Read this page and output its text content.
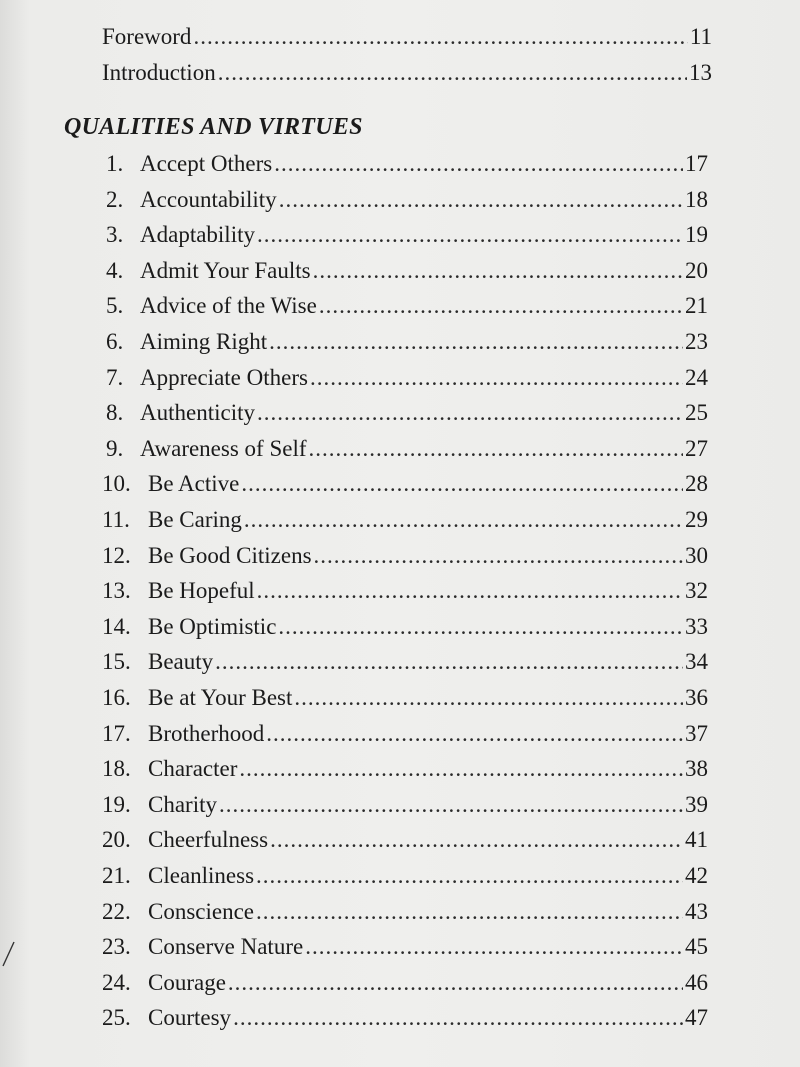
Foreword .....	11
Introduction .....	13
QUALITIES AND VIRTUES
1. Accept Others .....	17
2. Accountability .....	18
3. Adaptability .....	19
4. Admit Your Faults .....	20
5. Advice of the Wise .....	21
6. Aiming Right .....	23
7. Appreciate Others .....	24
8. Authenticity .....	25
9. Awareness of Self .....	27
10. Be Active .....	28
11. Be Caring .....	29
12. Be Good Citizens .....	30
13. Be Hopeful .....	32
14. Be Optimistic .....	33
15. Beauty .....	34
16. Be at Your Best .....	36
17. Brotherhood .....	37
18. Character .....	38
19. Charity .....	39
20. Cheerfulness .....	41
21. Cleanliness .....	42
22. Conscience .....	43
23. Conserve Nature .....	45
24. Courage .....	46
25. Courtesy .....	47
